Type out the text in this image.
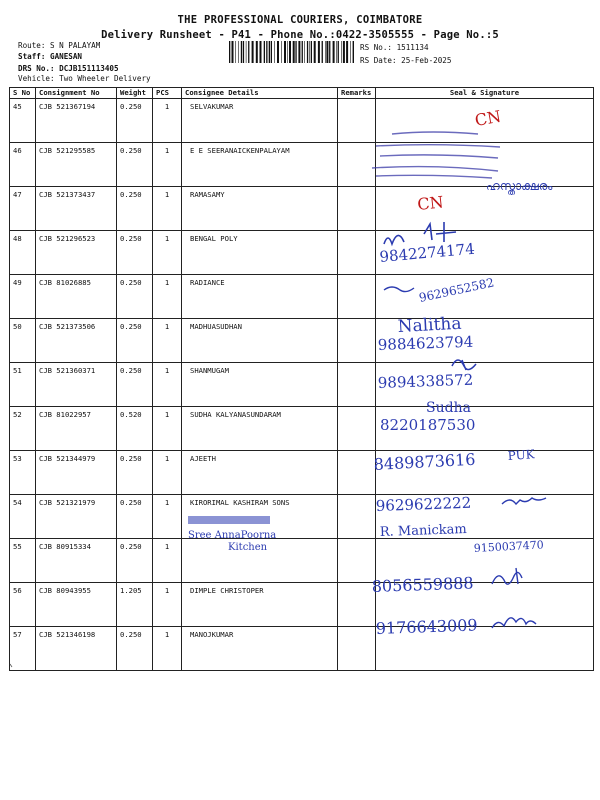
THE PROFESSIONAL COURIERS, COIMBATORE
Delivery Runsheet - P41 - Phone No.:0422-3505555 - Page No.:5
Route: S N PALAYAM
Staff: GANESAN
DRS No.: DCJB151113405
Vehicle: Two Wheeler Delivery
RS No.: 1511134
RS Date: 25-Feb-2025
S No	Consignment No	Weight	PCS	Consignee Details	Remarks	Seal & Signature
45	CJB 521367194	0.250	1	SELVAKUMAR		
46	CJB 521295585	0.250	1	E E SEERANAICKENPALAYAM		
47	CJB 521373437	0.250	1	RAMASAMY		
48	CJB 521296523	0.250	1	BENGAL POLY		
49	CJB 81026885	0.250	1	RADIANCE		
50	CJB 521373506	0.250	1	MADHUASUDHAN		
51	CJB 521360371	0.250	1	SHANMUGAM		
52	CJB 81022957	0.520	1	SUDHA KALYANASUNDARAM		
53	CJB 521344979	0.250	1	AJEETH		
54	CJB 521321979	0.250	1	KIRORIMAL KASHIRAM SONS		
55	CJB 80915334	0.250	1			
56	CJB 80943955	1.205	1	DIMPLE CHRISTOPER		
57	CJB 521346198	0.250	1	MANOJKUMAR		
CN
ഹസ്താക്ഷരം
CN
9842274174
9629652582
Nalitha
9884623794
9894338572
Sudha
8220187530
8489873616	PUK
9629622222
Sree AnnaPoorna Kitchen
R. Manickam
9150037470
8056559888
9176643009
